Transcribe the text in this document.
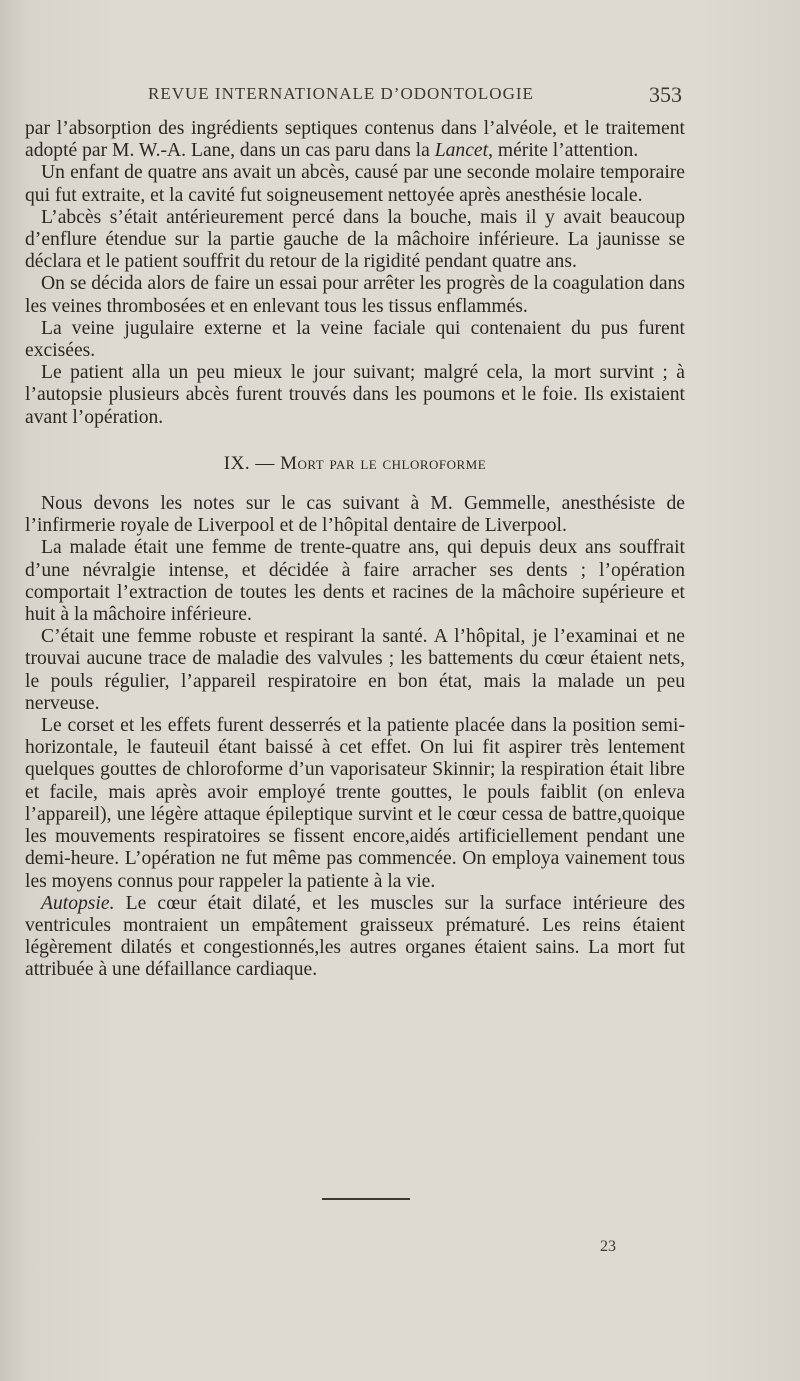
REVUE INTERNATIONALE D’ODONTOLOGIE	353

par l’absorption des ingrédients septiques contenus dans l’alvéole, et le traitement adopté par M. W.-A. Lane, dans un cas paru dans la Lancet, mérite l’attention.

Un enfant de quatre ans avait un abcès, causé par une seconde molaire temporaire qui fut extraite, et la cavité fut soigneusement nettoyée après anesthésie locale.

L’abcès s’était antérieurement percé dans la bouche, mais il y avait beaucoup d’enflure étendue sur la partie gauche de la mâchoire inférieure. La jaunisse se déclara et le patient souffrit du retour de la rigidité pendant quatre ans.

On se décida alors de faire un essai pour arrêter les progrès de la coagulation dans les veines thrombosées et en enlevant tous les tissus enflammés.

La veine jugulaire externe et la veine faciale qui contenaient du pus furent excisées.

Le patient alla un peu mieux le jour suivant; malgré cela, la mort survint ; à l’autopsie plusieurs abcès furent trouvés dans les poumons et le foie. Ils existaient avant l’opération.

IX. — Mort par le chloroforme

Nous devons les notes sur le cas suivant à M. Gemmelle, anesthésiste de l’infirmerie royale de Liverpool et de l’hôpital dentaire de Liverpool.

La malade était une femme de trente-quatre ans, qui depuis deux ans souffrait d’une névralgie intense, et décidée à faire arracher ses dents ; l’opération comportait l’extraction de toutes les dents et racines de la mâchoire supérieure et huit à la mâchoire inférieure.

C’était une femme robuste et respirant la santé. A l’hôpital, je l’examinai et ne trouvai aucune trace de maladie des valvules ; les battements du cœur étaient nets, le pouls régulier, l’appareil respiratoire en bon état, mais la malade un peu nerveuse.

Le corset et les effets furent desserrés et la patiente placée dans la position semi-horizontale, le fauteuil étant baissé à cet effet. On lui fit aspirer très lentement quelques gouttes de chloroforme d’un vaporisateur Skinnir; la respiration était libre et facile, mais après avoir employé trente gouttes, le pouls faiblit (on enleva l’appareil), une légère attaque épileptique survint et le cœur cessa de battre,quoique les mouvements respiratoires se fissent encore,aidés artificiellement pendant une demi-heure. L’opération ne fut même pas commencée. On employa vainement tous les moyens connus pour rappeler la patiente à la vie.

Autopsie. Le cœur était dilaté, et les muscles sur la surface intérieure des ventricules montraient un empâtement graisseux prématuré. Les reins étaient légèrement dilatés et congestionnés,les autres organes étaient sains. La mort fut attribuée à une défaillance cardiaque.

23
